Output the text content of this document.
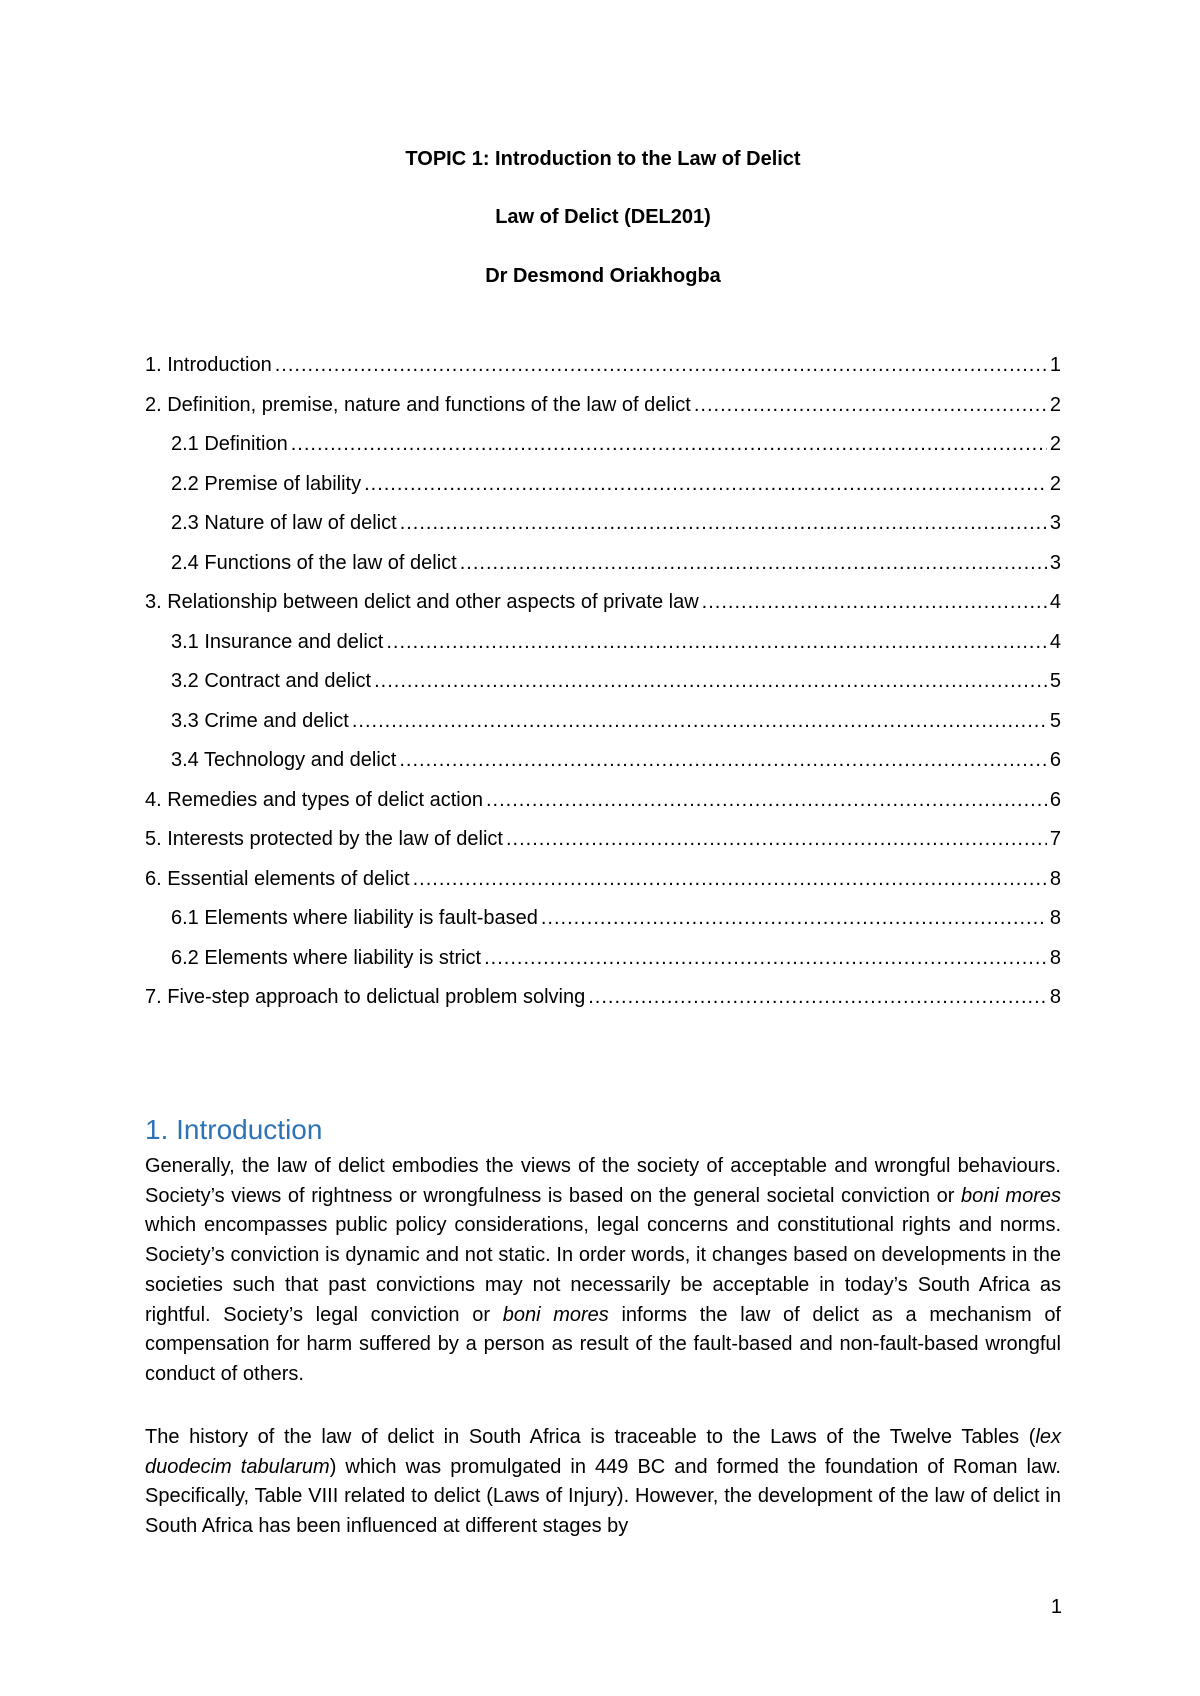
TOPIC 1: Introduction to the Law of Delict
Law of Delict (DEL201)
Dr Desmond Oriakhogba
1. Introduction .....	1
2. Definition, premise, nature and functions of the law of delict .....	2
2.1 Definition .....	2
2.2 Premise of lability .....	2
2.3 Nature of law of delict .....	3
2.4 Functions of the law of delict .....	3
3. Relationship between delict and other aspects of private law .....	4
3.1 Insurance and delict .....	4
3.2 Contract and delict .....	5
3.3 Crime and delict .....	5
3.4 Technology and delict .....	6
4. Remedies and types of delict action .....	6
5. Interests protected by the law of delict .....	7
6. Essential elements of delict .....	8
6.1 Elements where liability is fault-based .....	8
6.2 Elements where liability is strict .....	8
7. Five-step approach to delictual problem solving .....	8
1. Introduction

Generally, the law of delict embodies the views of the society of acceptable and wrongful behaviours. Society’s views of rightness or wrongfulness is based on the general societal conviction or boni mores which encompasses public policy considerations, legal concerns and constitutional rights and norms. Society’s conviction is dynamic and not static. In order words, it changes based on developments in the societies such that past convictions may not necessarily be acceptable in today’s South Africa as rightful. Society’s legal conviction or boni mores informs the law of delict as a mechanism of compensation for harm suffered by a person as result of the fault-based and non-fault-based wrongful conduct of others.

The history of the law of delict in South Africa is traceable to the Laws of the Twelve Tables (lex duodecim tabularum) which was promulgated in 449 BC and formed the foundation of Roman law. Specifically, Table VIII related to delict (Laws of Injury). However, the development of the law of delict in South Africa has been influenced at different stages by

1
